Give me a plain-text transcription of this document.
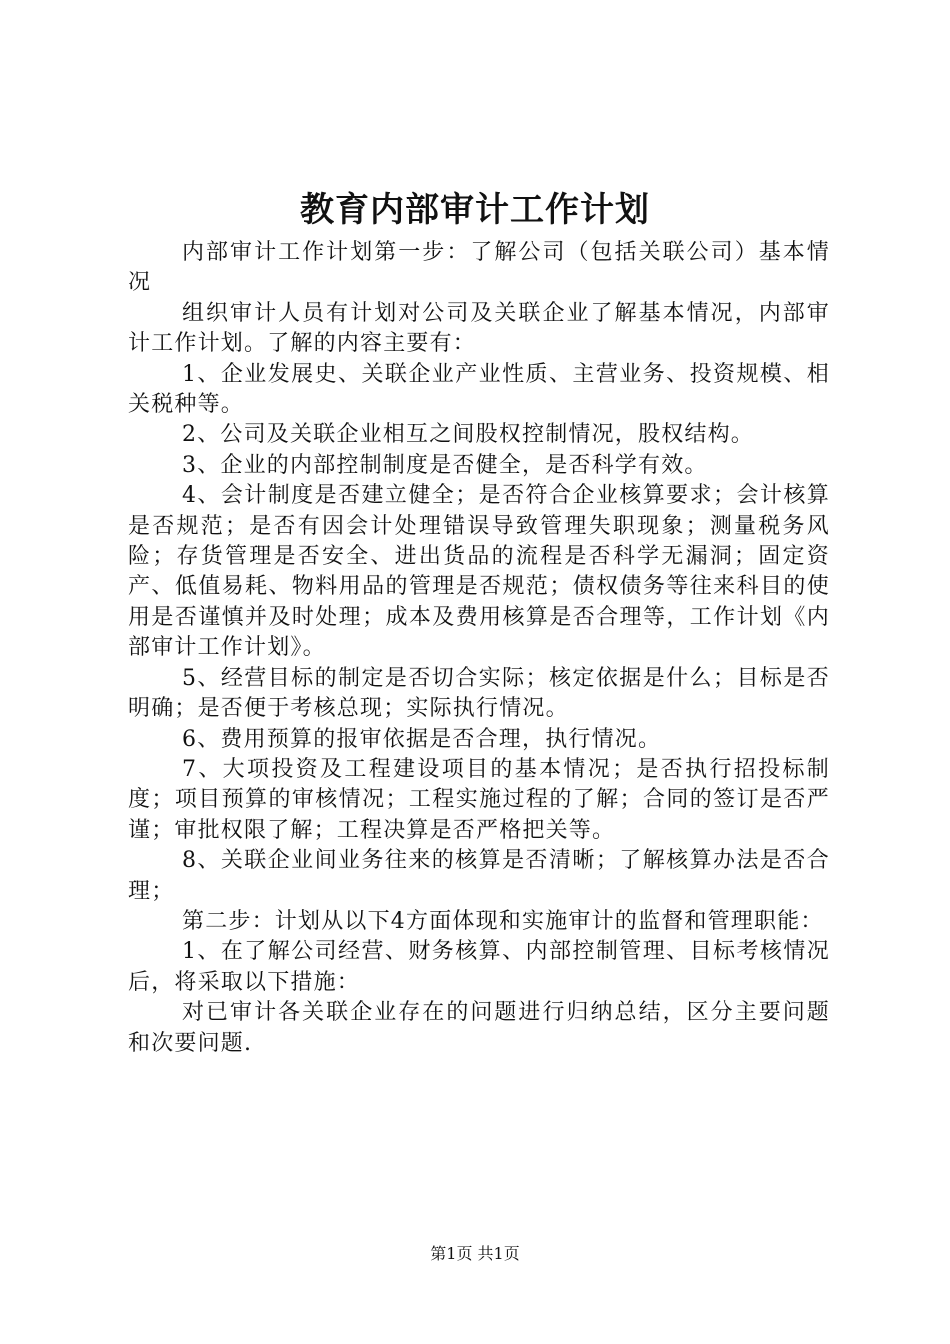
教育内部审计工作计划

内部审计工作计划第一步：了解公司（包括关联公司）基本情况

组织审计人员有计划对公司及关联企业了解基本情况，内部审计工作计划。了解的内容主要有：

1、企业发展史、关联企业产业性质、主营业务、投资规模、相关税种等。

2、公司及关联企业相互之间股权控制情况，股权结构。

3、企业的内部控制制度是否健全，是否科学有效。

4、会计制度是否建立健全；是否符合企业核算要求；会计核算是否规范；是否有因会计处理错误导致管理失职现象；测量税务风险；存货管理是否安全、进出货品的流程是否科学无漏洞；固定资产、低值易耗、物料用品的管理是否规范；债权债务等往来科目的使用是否谨慎并及时处理；成本及费用核算是否合理等，工作计划《内部审计工作计划》。

5、经营目标的制定是否切合实际；核定依据是什么；目标是否明确；是否便于考核总现；实际执行情况。

6、费用预算的报审依据是否合理，执行情况。

7、大项投资及工程建设项目的基本情况；是否执行招投标制度；项目预算的审核情况；工程实施过程的了解；合同的签订是否严谨；审批权限了解；工程决算是否严格把关等。

8、关联企业间业务往来的核算是否清晰；了解核算办法是否合理；

第二步：计划从以下4方面体现和实施审计的监督和管理职能：

1、在了解公司经营、财务核算、内部控制管理、目标考核情况后，将采取以下措施：

对已审计各关联企业存在的问题进行归纳总结，区分主要问题和次要问题.

第1页 共1页
